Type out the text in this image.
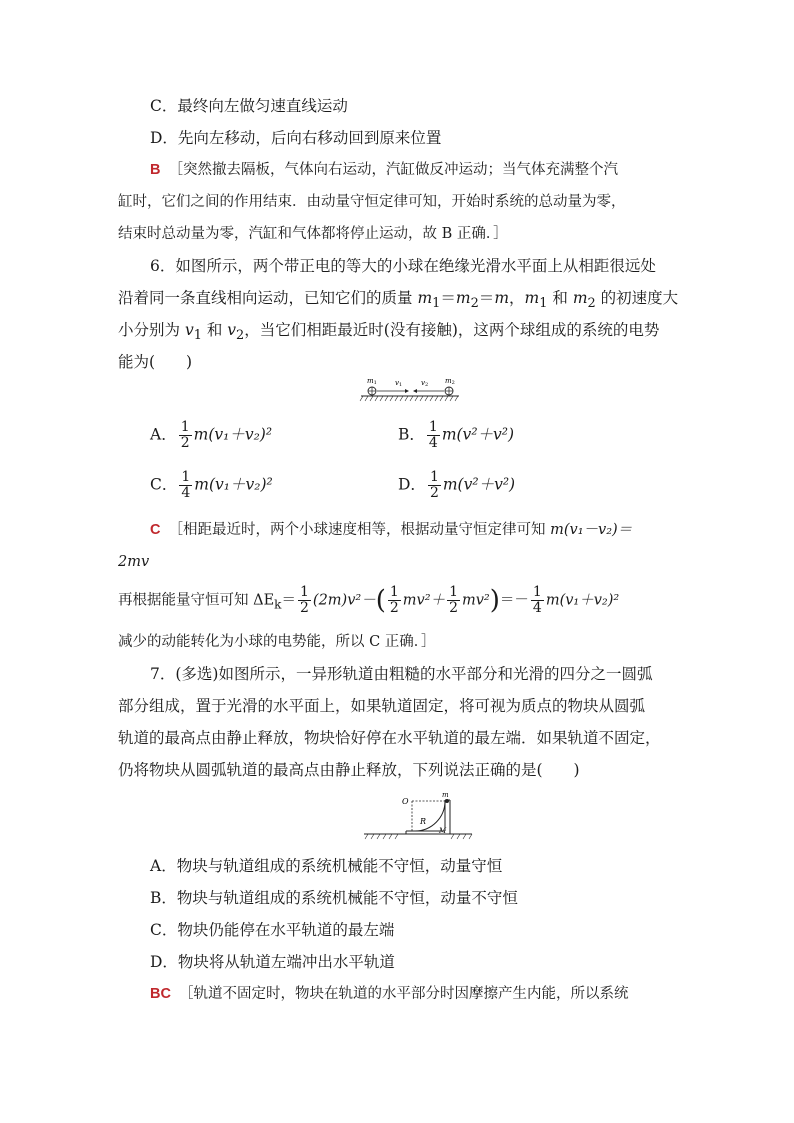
C．最终向左做匀速直线运动
D．先向左移动，后向右移动回到原来位置
B ［突然撤去隔板，气体向右运动，汽缸做反冲运动；当气体充满整个汽
缸时，它们之间的作用结束．由动量守恒定律可知，开始时系统的总动量为零，
结束时总动量为零，汽缸和气体都将停止运动，故 B 正确．］
6．如图所示，两个带正电的等大的小球在绝缘光滑水平面上从相距很远处
沿着同一条直线相向运动，已知它们的质量 $m_1=m_2=m$，$m_1$ 和 $m_2$ 的初速度大
小分别为 $v_1$ 和 $v_2$，当它们相距最近时(没有接触)，这两个球组成的系统的电势
能为(　　)
m1	v1	v2 m2
A． $\frac{1}{2} m(v_1+v_2)^2$	B． $\frac{1}{4} m(v^2+v^2)$
C． $\frac{1}{4} m(v_1+v_2)^2$	D． $\frac{1}{2} m(v^2+v^2)$
C ［相距最近时，两个小球速度相等，根据动量守恒定律可知 m(v₁－v₂)＝
2mv
再根据能量守恒可知 $\Delta E_k= \frac{1}{2} (2m)v^2-( \frac{1}{2} mv^2+ \frac{1}{2} mv^2)=- \frac{1}{4} m(v_1+v_2)^2$
减少的动能转化为小球的电势能，所以 C 正确．］
7．(多选)如图所示，一异形轨道由粗糙的水平部分和光滑的四分之一圆弧
部分组成，置于光滑的水平面上，如果轨道固定，将可视为质点的物块从圆弧
轨道的最高点由静止释放，物块恰好停在水平轨道的最左端．如果轨道不固定，
仍将物块从圆弧轨道的最高点由静止释放，下列说法正确的是(　　)
O
m
R
M
A．物块与轨道组成的系统机械能不守恒，动量守恒
B．物块与轨道组成的系统机械能不守恒，动量不守恒
C．物块仍能停在水平轨道的最左端
D．物块将从轨道左端冲出水平轨道
BC ［轨道不固定时，物块在轨道的水平部分时因摩擦产生内能，所以系统
